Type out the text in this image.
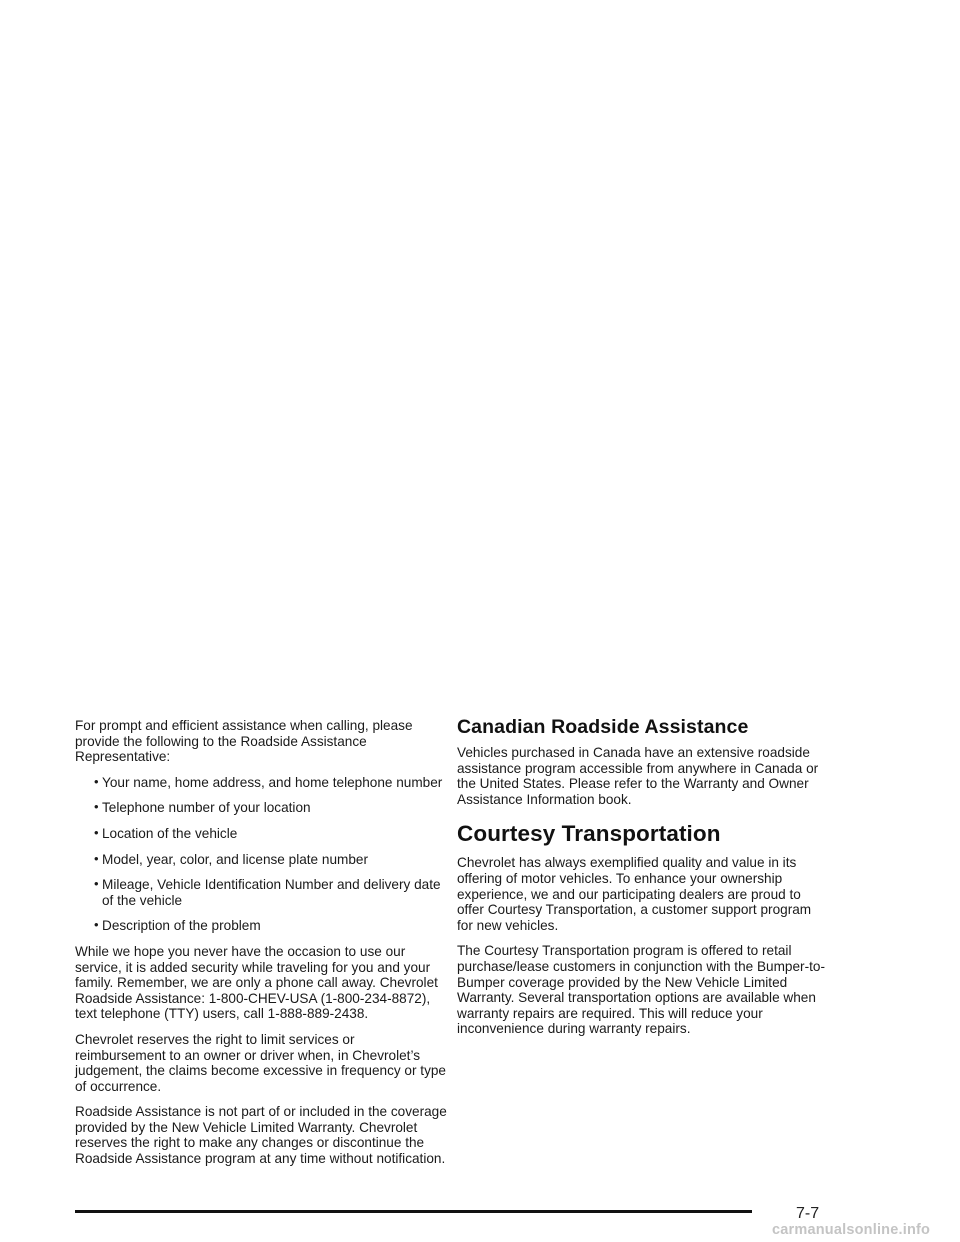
For prompt and efficient assistance when calling, please provide the following to the Roadside Assistance Representative:

• Your name, home address, and home telephone number
• Telephone number of your location
• Location of the vehicle
• Model, year, color, and license plate number
• Mileage, Vehicle Identification Number and delivery date of the vehicle
• Description of the problem

While we hope you never have the occasion to use our service, it is added security while traveling for you and your family. Remember, we are only a phone call away. Chevrolet Roadside Assistance: 1-800-CHEV-USA (1-800-234-8872), text telephone (TTY) users, call 1-888-889-2438.

Chevrolet reserves the right to limit services or reimbursement to an owner or driver when, in Chevrolet’s judgement, the claims become excessive in frequency or type of occurrence.

Roadside Assistance is not part of or included in the coverage provided by the New Vehicle Limited Warranty. Chevrolet reserves the right to make any changes or discontinue the Roadside Assistance program at any time without notification.

Canadian Roadside Assistance

Vehicles purchased in Canada have an extensive roadside assistance program accessible from anywhere in Canada or the United States. Please refer to the Warranty and Owner Assistance Information book.

Courtesy Transportation

Chevrolet has always exemplified quality and value in its offering of motor vehicles. To enhance your ownership experience, we and our participating dealers are proud to offer Courtesy Transportation, a customer support program for new vehicles.

The Courtesy Transportation program is offered to retail purchase/lease customers in conjunction with the Bumper-to-Bumper coverage provided by the New Vehicle Limited Warranty. Several transportation options are available when warranty repairs are required. This will reduce your inconvenience during warranty repairs.

7-7
carmanualsonline.info
